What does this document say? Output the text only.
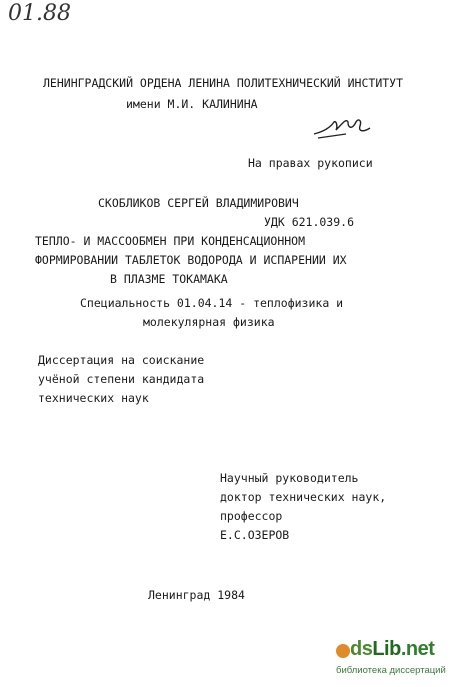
01.88
ЛЕНИНГРАДСКИЙ ОРДЕНА ЛЕНИНА ПОЛИТЕХНИЧЕСКИЙ ИНСТИТУТ
имени М.И. КАЛИНИНА
На правах рукописи
СКОБЛИКОВ СЕРГЕЙ ВЛАДИМИРОВИЧ
УДК 621.039.6
ТЕПЛО- И МАССООБМЕН ПРИ КОНДЕНСАЦИОННОМ
ФОРМИРОВАНИИ ТАБЛЕТОК ВОДОРОДА И ИСПАРЕНИИ ИХ
В ПЛАЗМЕ ТОКАМАКА
Специальность 01.04.14 - теплофизика и
молекулярная физика
Диссертация на соискание
учёной степени кандидата
технических наук
Научный руководитель
доктор технических наук,
профессор
Е.С.ОЗЕРОВ
Ленинград 1984
dsLib.net
библиотека диссертаций
